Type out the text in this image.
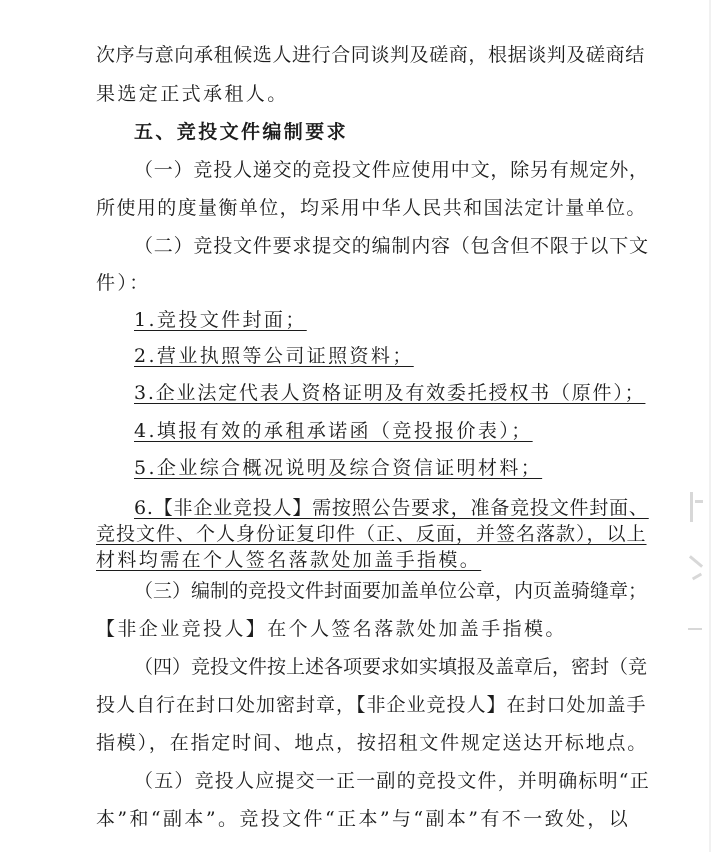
次序与意向承租候选人进行合同谈判及磋商，根据谈判及磋商结

果选定正式承租人。

五、竞投文件编制要求

（一）竞投人递交的竞投文件应使用中文，除另有规定外，

所使用的度量衡单位，均采用中华人民共和国法定计量单位。

（二）竞投文件要求提交的编制内容（包含但不限于以下文

件）：

1.竞投文件封面；

2.营业执照等公司证照资料；

3.企业法定代表人资格证明及有效委托授权书（原件）；

4.填报有效的承租承诺函（竞投报价表）；

5.企业综合概况说明及综合资信证明材料；

6.【非企业竞投人】需按照公告要求，准备竞投文件封面、

竞投文件、个人身份证复印件（正、反面，并签名落款），以上

材料均需在个人签名落款处加盖手指模。

（三）编制的竞投文件封面要加盖单位公章，内页盖骑缝章；

【非企业竞投人】在个人签名落款处加盖手指模。

（四）竞投文件按上述各项要求如实填报及盖章后，密封（竞

投人自行在封口处加密封章，【非企业竞投人】在封口处加盖手

指模），在指定时间、地点，按招租文件规定送达开标地点。

（五）竞投人应提交一正一副的竞投文件，并明确标明“正

本”和“副本”。竞投文件“正本”与“副本”有不一致处，以
